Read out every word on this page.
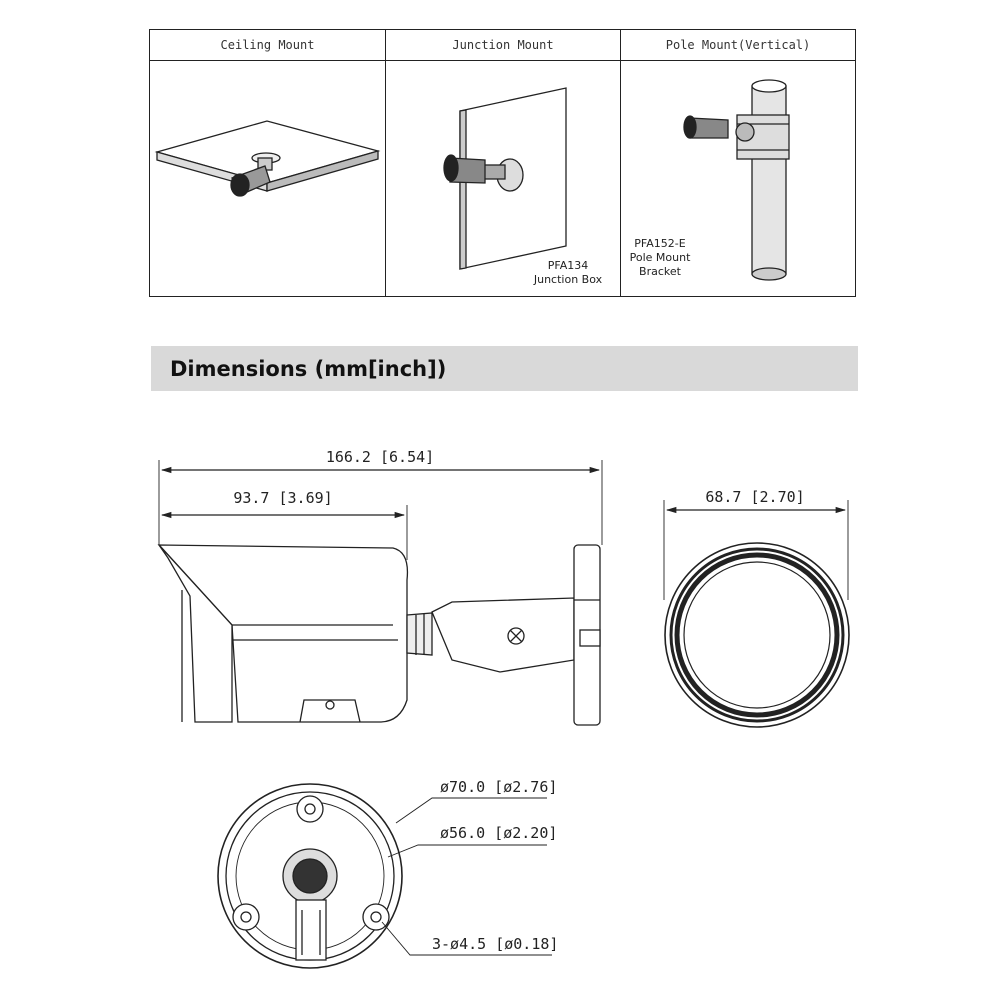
Ceiling Mount	Junction Mount	Pole Mount(Vertical)
PFA134
Junction Box
PFA152-E
Pole Mount
Bracket
Dimensions (mm[inch])
166.2 [6.54]
93.7 [3.69]	68.7 [2.70]
ø70.0 [ø2.76]
ø56.0 [ø2.20]
3-ø4.5 [ø0.18]
